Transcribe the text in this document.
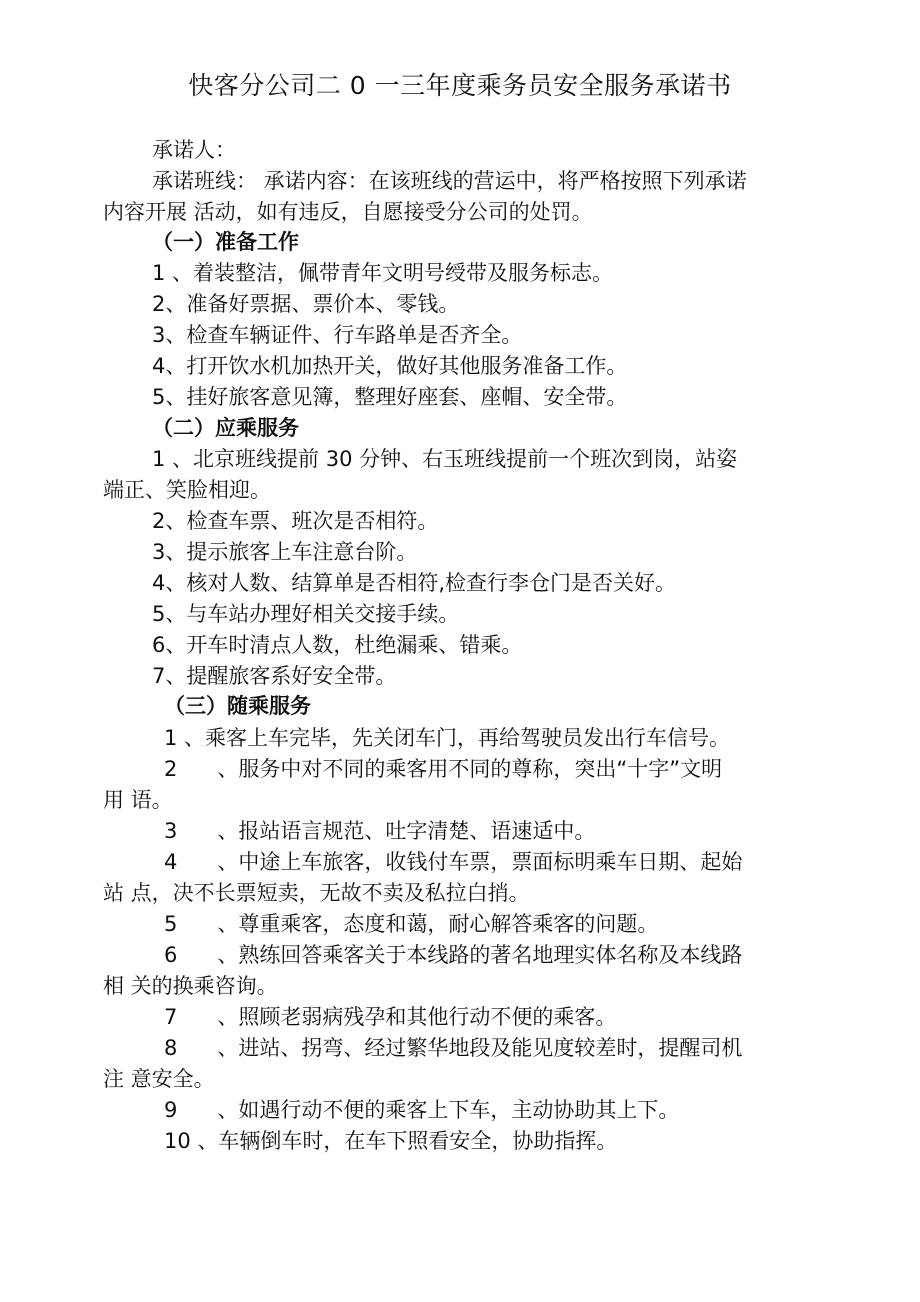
快客分公司二 0 一三年度乘务员安全服务承诺书
承诺人：
承诺班线： 承诺内容：在该班线的营运中，将严格按照下列承诺
内容开展 活动，如有违反，自愿接受分公司的处罚。
（一）准备工作
1 、着装整洁，佩带青年文明号绶带及服务标志。
2、准备好票据、票价本、零钱。
3、检查车辆证件、行车路单是否齐全。
4、打开饮水机加热开关，做好其他服务准备工作。
5、挂好旅客意见簿，整理好座套、座帽、安全带。
（二）应乘服务
1 、北京班线提前 30 分钟、右玉班线提前一个班次到岗，站姿
端正、笑脸相迎。
2、检查车票、班次是否相符。
3、提示旅客上车注意台阶。
4、核对人数、结算单是否相符,检查行李仓门是否关好。
5、与车站办理好相关交接手续。
6、开车时清点人数，杜绝漏乘、错乘。
7、提醒旅客系好安全带。
（三）随乘服务
1 、乘客上车完毕，先关闭车门，再给驾驶员发出行车信号。
2      、服务中对不同的乘客用不同的尊称，突出“十字”文明
用 语。
3      、报站语言规范、吐字清楚、语速适中。
4      、中途上车旅客，收钱付车票，票面标明乘车日期、起始
站 点，决不长票短卖，无故不卖及私拉白捎。
5      、尊重乘客，态度和蔼，耐心解答乘客的问题。
6      、熟练回答乘客关于本线路的著名地理实体名称及本线路
相 关的换乘咨询。
7      、照顾老弱病残孕和其他行动不便的乘客。
8      、进站、拐弯、经过繁华地段及能见度较差时，提醒司机
注 意安全。
9      、如遇行动不便的乘客上下车，主动协助其上下。
10 、车辆倒车时，在车下照看安全，协助指挥。
